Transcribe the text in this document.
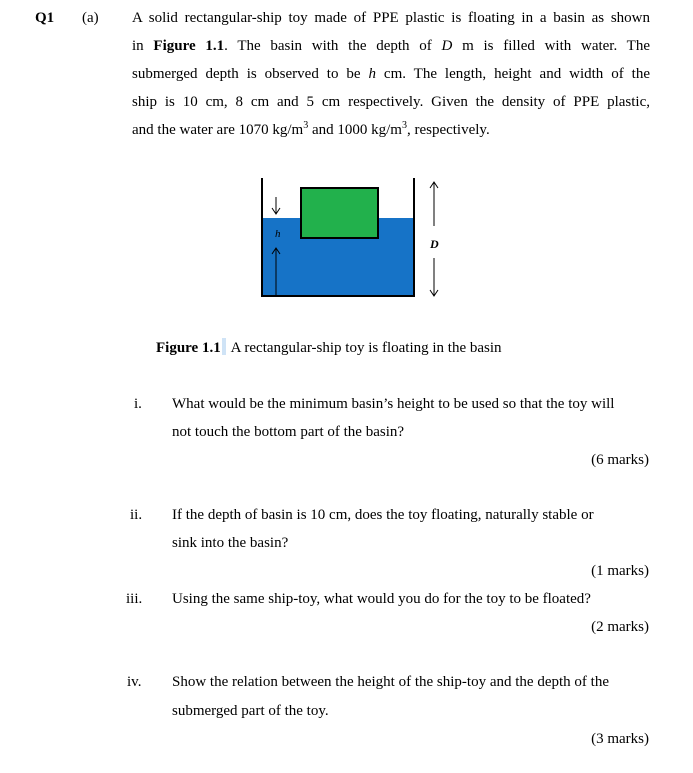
Q1 (a) A solid rectangular-ship toy made of PPE plastic is floating in a basin as shown
in Figure 1.1. The basin with the depth of D m is filled with water. The
submerged depth is observed to be h cm. The length, height and width of the
ship is 10 cm, 8 cm and 5 cm respectively. Given the density of PPE plastic,
and the water are 1070 $kg/m^3$ and 1000 $kg/m^3$, respectively.
h
D
Figure 1.1 A rectangular-ship toy is floating in the basin
i. What would be the minimum basin’s height to be used so that the toy will
not touch the bottom part of the basin?
(6 marks)
ii. If the depth of basin is 10 cm, does the toy floating, naturally stable or
sink into the basin?
(1 marks)
iii. Using the same ship-toy, what would you do for the toy to be floated?
(2 marks)
iv. Show the relation between the height of the ship-toy and the depth of the
submerged part of the toy.
(3 marks)
